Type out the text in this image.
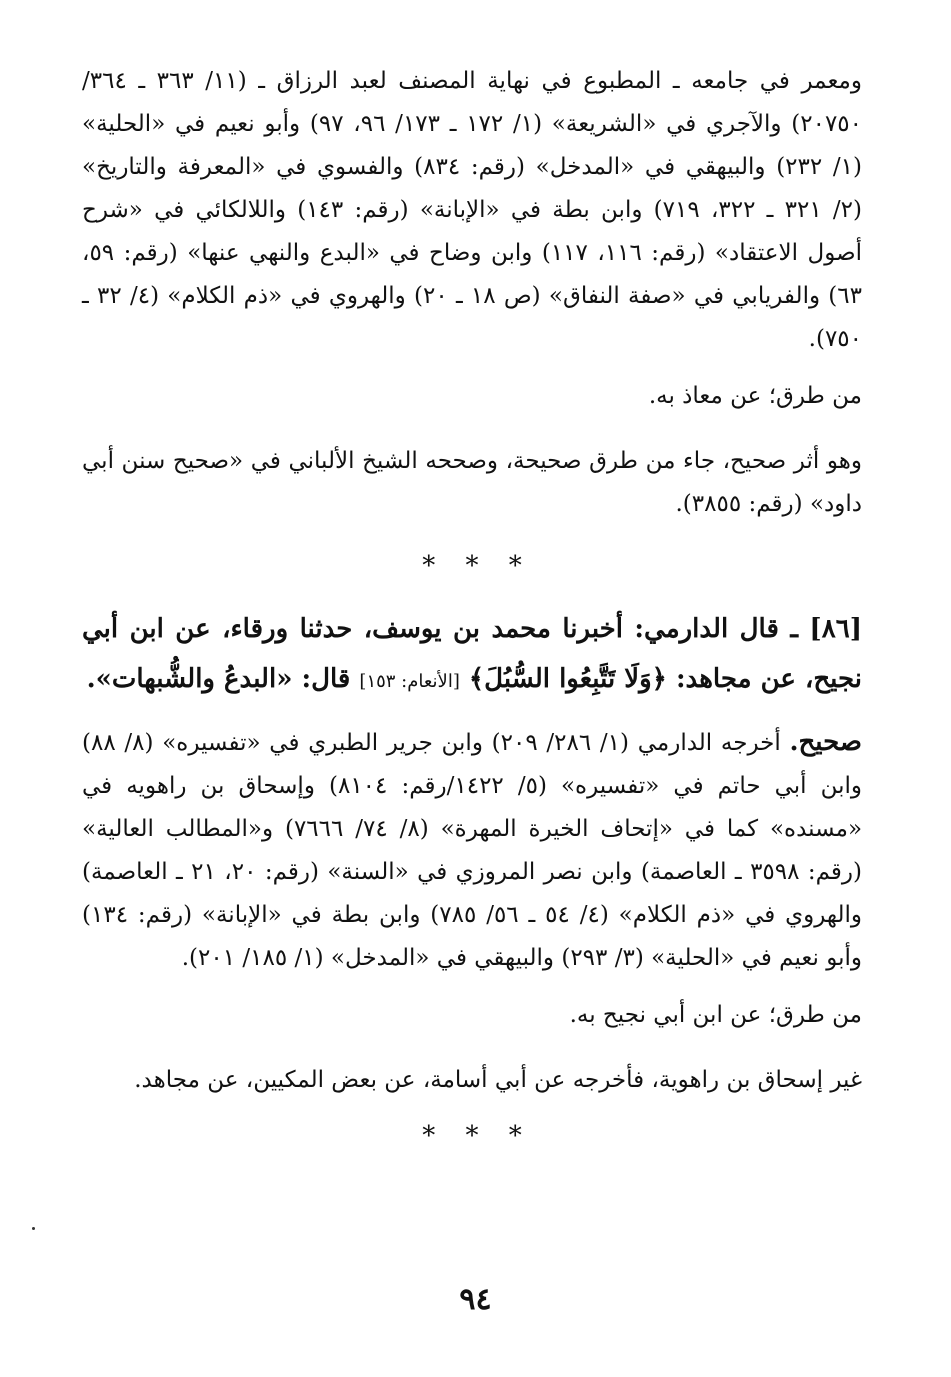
ومعمر في جامعه ـ المطبوع في نهاية المصنف لعبد الرزاق ـ (١١/ ٣٦٣ ـ ٣٦٤/ ٢٠٧٥٠) والآجري في «الشريعة» (١/ ١٧٢ ـ ١٧٣/ ٩٦، ٩٧) وأبو نعيم في «الحلية» (١/ ٢٣٢) والبيهقي في «المدخل» (رقم: ٨٣٤) والفسوي في «المعرفة والتاريخ» (٢/ ٣٢١ ـ ٣٢٢، ٧١٩) وابن بطة في «الإبانة» (رقم: ١٤٣) واللالكائي في «شرح أصول الاعتقاد» (رقم: ١١٦، ١١٧) وابن وضاح في «البدع والنهي عنها» (رقم: ٥٩، ٦٣) والفريابي في «صفة النفاق» (ص ١٨ ـ ٢٠) والهروي في «ذم الكلام» (٤/ ٣٢ ـ ٧٥٠).

من طرق؛ عن معاذ به.

وهو أثر صحيح، جاء من طرق صحيحة، وصححه الشيخ الألباني في «صحيح سنن أبي داود» (رقم: ٣٨٥٥).

* * *

[٨٦] ـ قال الدارمي: أخبرنا محمد بن يوسف، حدثنا ورقاء، عن ابن أبي نجيح، عن مجاهد: ﴿وَلَا تَتَّبِعُوا السُّبُلَ﴾ [الأنعام: ١٥٣] قال: «البدعُ والشُّبهات».

صحيح. أخرجه الدارمي (١/ ٢٨٦/ ٢٠٩) وابن جرير الطبري في «تفسيره» (٨/ ٨٨) وابن أبي حاتم في «تفسيره» (٥/ ١٤٢٢/رقم: ٨١٠٤) وإسحاق بن راهويه في «مسنده» كما في «إتحاف الخيرة المهرة» (٨/ ٧٤/ ٧٦٦٦) و«المطالب العالية» (رقم: ٣٥٩٨ ـ العاصمة) وابن نصر المروزي في «السنة» (رقم: ٢٠، ٢١ ـ العاصمة) والهروي في «ذم الكلام» (٤/ ٥٤ ـ ٥٦/ ٧٨٥) وابن بطة في «الإبانة» (رقم: ١٣٤) وأبو نعيم في «الحلية» (٣/ ٢٩٣) والبيهقي في «المدخل» (١/ ١٨٥/ ٢٠١).

من طرق؛ عن ابن أبي نجيح به.

غير إسحاق بن راهوية، فأخرجه عن أبي أسامة، عن بعض المكيين، عن مجاهد.

* * *
٩٤
